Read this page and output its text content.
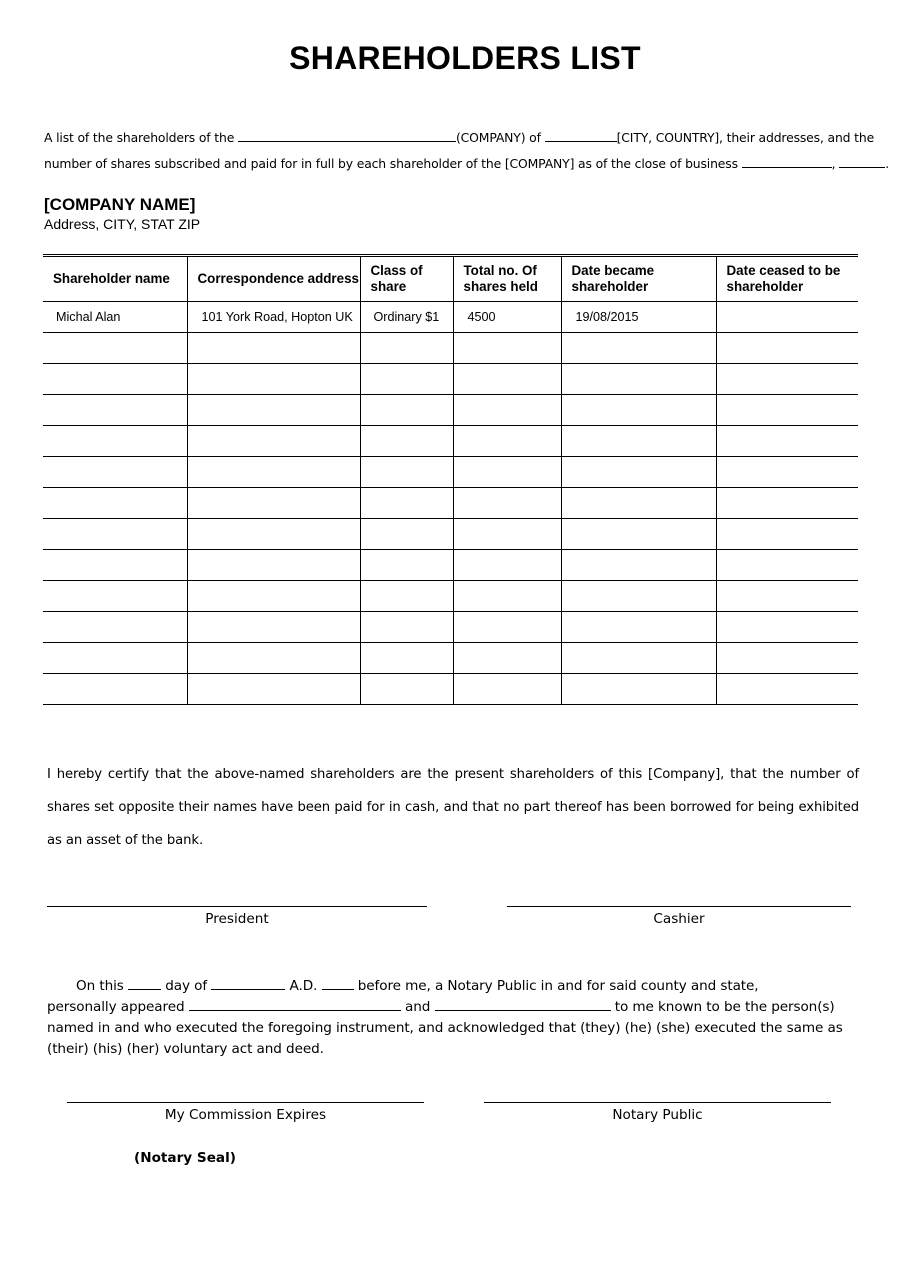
SHAREHOLDERS LIST
A list of the shareholders of the	(COMPANY) of	[CITY, COUNTRY], their addresses, and the
number of shares subscribed and paid for in full by each shareholder of the [COMPANY] as of the close of business	,	.
[COMPANY NAME]
Address, CITY, STAT ZIP
Shareholder name	Correspondence address	Class of share	Total no. Of shares held	Date became shareholder	Date ceased to be shareholder
Michal Alan	101 York Road, Hopton UK	Ordinary $1	4500	19/08/2015	

I hereby certify that the above-named shareholders are the present shareholders of this [Company], that the number of shares set opposite their names have been paid for in cash, and that no part thereof has been borrowed for being exhibited as an asset of the bank.
President	Cashier
On this	day of	A.D.	before me, a Notary Public in and for said county and state,
personally appeared	and	to me known to be the person(s)
named in and who executed the foregoing instrument, and acknowledged that (they) (he) (she) executed the same as
(their) (his) (her) voluntary act and deed.
My Commission Expires	Notary Public
(Notary Seal)
